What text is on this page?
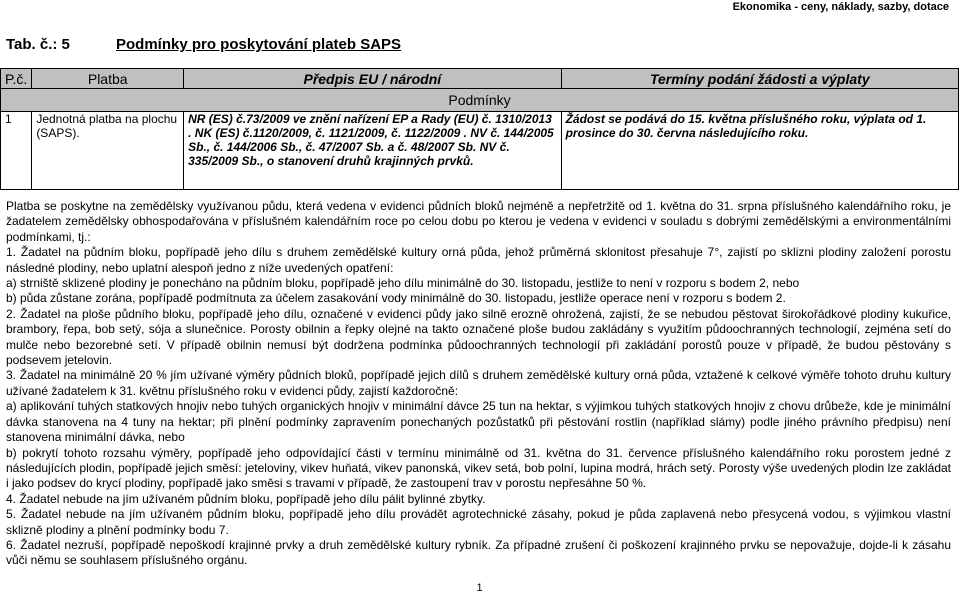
Ekonomika - ceny, náklady, sazby, dotace
Tab. č.: 5	Podmínky pro poskytování plateb SAPS
P.č.	Platba	Předpis EU / národní	Termíny podání žádosti a výplaty
Podmínky			
1	Jednotná platba na plochu (SAPS).	NR (ES) č.73/2009 ve znění nařízení EP a Rady (EU) č. 1310/2013 . NK (ES) č.1120/2009, č. 1121/2009, č. 1122/2009 . NV č. 144/2005 Sb., č. 144/2006 Sb., č. 47/2007 Sb. a č. 48/2007 Sb. NV č. 335/2009 Sb., o stanovení druhů krajinných prvků.	Žádost se podává do 15. května příslušného roku, výplata od 1. prosince do 30. června následujícího roku.

Platba se poskytne na zemědělsky využívanou půdu, která vedena v evidenci půdních bloků nejméně a nepřetržitě od 1. května do 31. srpna příslušného kalendářního roku, je žadatelem zemědělsky obhospodařována v příslušném kalendářním roce po celou dobu po kterou je vedena v evidenci v souladu s dobrými zemědělskými a environmentálními podmínkami, tj.:

1. Žadatel na půdním bloku, popřípadě jeho dílu s druhem zemědělské kultury orná půda, jehož průměrná sklonitost přesahuje 7°, zajistí po sklizni plodiny založení porostu následné plodiny, nebo uplatní alespoň jedno z níže uvedených opatření:

a) strniště sklizené plodiny je ponecháno na půdním bloku, popřípadě jeho dílu minimálně do 30. listopadu, jestliže to není v rozporu s bodem 2, nebo

b) půda zůstane zorána, popřípadě podmítnuta za účelem zasakování vody minimálně do 30. listopadu, jestliže operace není v rozporu s bodem 2.

2. Žadatel na ploše půdního bloku, popřípadě jeho dílu, označené v evidenci půdy jako silně erozně ohrožená, zajistí, že se nebudou pěstovat širokořádkové plodiny kukuřice, brambory, řepa, bob setý, sója a slunečnice. Porosty obilnin a řepky olejné na takto označené ploše budou zakládány s využitím půdoochranných technologií, zejména setí do mulče nebo bezorebné setí. V případě obilnin nemusí být dodržena podmínka půdoochranných technologií při zakládání porostů pouze v případě, že budou pěstovány s podsevem jetelovin.

3. Žadatel na minimálně 20 % jím užívané výměry půdních bloků, popřípadě jejich dílů s druhem zemědělské kultury orná půda, vztažené k celkové výměře tohoto druhu kultury užívané žadatelem k 31. květnu příslušného roku v evidenci půdy, zajistí každoročně:

a) aplikování tuhých statkových hnojiv nebo tuhých organických hnojiv v minimální dávce 25 tun na hektar, s výjimkou tuhých statkových hnojiv z chovu drůbeže, kde je minimální dávka stanovena na 4 tuny na hektar; při plnění podmínky zapravením ponechaných pozůstatků při pěstování rostlin (například slámy) podle jiného právního předpisu) není stanovena minimální dávka, nebo

b) pokrytí tohoto rozsahu výměry, popřípadě jeho odpovídající části v termínu minimálně od 31. května do 31. července příslušného kalendářního roku porostem jedné z následujících plodin, popřípadě jejich směsí: jeteloviny, vikev huňatá, vikev panonská, vikev setá, bob polní, lupina modrá, hrách setý. Porosty výše uvedených plodin lze zakládat i jako podsev do krycí plodiny, popřípadě jako směsi s travami v případě, že zastoupení trav v porostu nepřesáhne 50 %.

4. Žadatel nebude na jím užívaném půdním bloku, popřípadě jeho dílu pálit bylinné zbytky.

5. Žadatel nebude na jím užívaném půdním bloku, popřípadě jeho dílu provádět agrotechnické zásahy, pokud je půda zaplavená nebo přesycená vodou, s výjimkou vlastní sklizně plodiny a plnění podmínky bodu 7.

6. Žadatel nezruší, popřípadě nepoškodí krajinné prvky a druh zemědělské kultury rybník. Za případné zrušení či poškození krajinného prvku se nepovažuje, dojde-li k zásahu vůči němu se souhlasem příslušného orgánu.

1
